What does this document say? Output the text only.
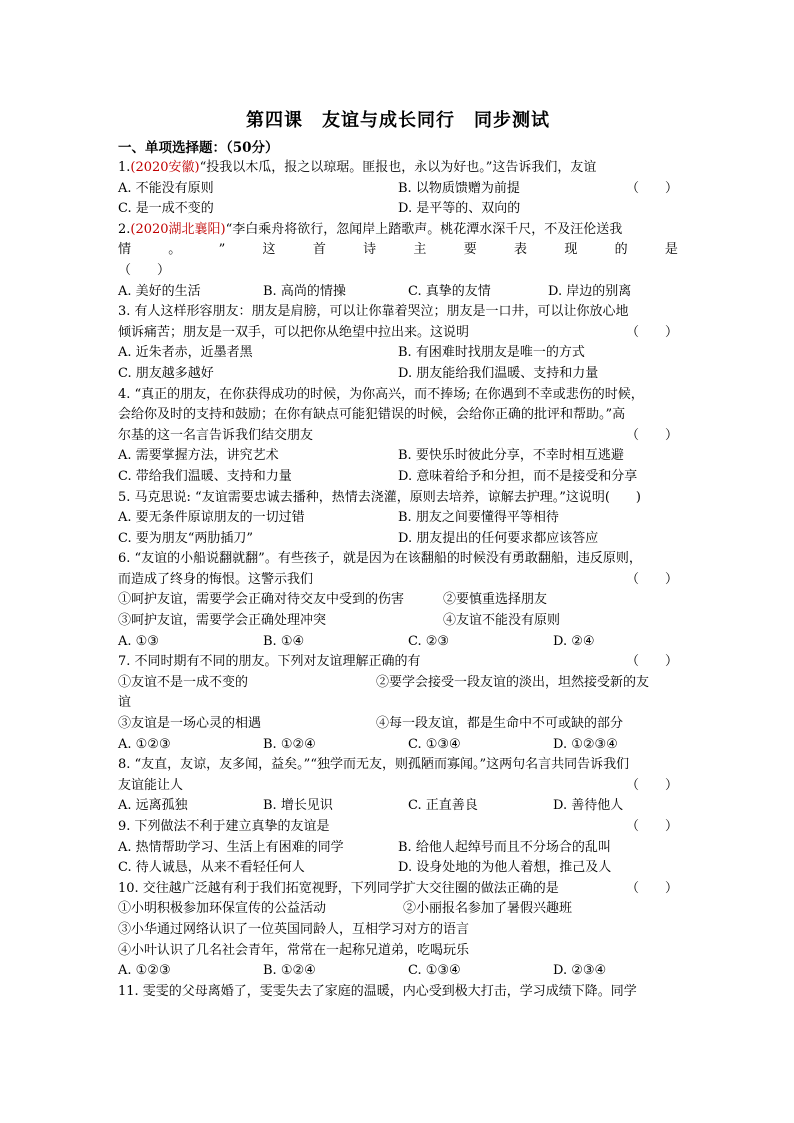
第四课　友谊与成长同行　同步测试
一、单项选择题：（50分）
1.(2020安徽)“投我以木瓜，报之以琼琚。匪报也，永以为好也。”这告诉我们，友谊
A. 不能没有原则	B. 以物质馈赠为前提	（　　）
C. 是一成不变的	D. 是平等的、双向的
2.(2020湖北襄阳)“李白乘舟将欲行，忽闻岸上踏歌声。桃花潭水深千尺，不及汪伦送我
情	。	”	这	首	诗	主	要	表	现	的	是
（　　）
A. 美好的生活	B. 高尚的情操	C. 真挚的友情	D. 岸边的别离
3. 有人这样形容朋友：朋友是肩膀，可以让你靠着哭泣；朋友是一口井，可以让你放心地
倾诉痛苦；朋友是一双手，可以把你从绝望中拉出来。这说明	（　　）
A. 近朱者赤，近墨者黑	B. 有困难时找朋友是唯一的方式
C. 朋友越多越好	D. 朋友能给我们温暖、支持和力量
4. “真正的朋友，在你获得成功的时候，为你高兴，而不捧场; 在你遇到不幸或悲伤的时候，
会给你及时的支持和鼓励；在你有缺点可能犯错误的时候，会给你正确的批评和帮助。”高
尔基的这一名言告诉我们结交朋友	（　　）
A. 需要掌握方法，讲究艺术	B. 要快乐时彼此分享，不幸时相互逃避
C. 带给我们温暖、支持和力量	D. 意味着给予和分担，而不是接受和分享
5. 马克思说: “友谊需要忠诚去播种，热情去浇灌，原则去培养，谅解去护理。”这说明(　　)
A. 要无条件原谅朋友的一切过错	B. 朋友之间要懂得平等相待
C. 要为朋友“两肋插刀”	D. 朋友提出的任何要求都应该答应
6. “友谊的小船说翻就翻”。有些孩子，就是因为在该翻船的时候没有勇敢翻船，违反原则，
而造成了终身的悔恨。这警示我们	（　　）
①呵护友谊，需要学会正确对待交友中受到的伤害	②要慎重选择朋友
③呵护友谊，需要学会正确处理冲突	④友谊不能没有原则
A. ①③	B. ①④	C. ②③	D. ②④
7. 不同时期有不同的朋友。下列对友谊理解正确的有	（　　）
①友谊不是一成不变的	②要学会接受一段友谊的淡出，坦然接受新的友
谊
③友谊是一场心灵的相遇	④每一段友谊，都是生命中不可或缺的部分
A. ①②③	B. ①②④	C. ①③④	D. ①②③④
8. “友直，友谅，友多闻，益矣。”“独学而无友，则孤陋而寡闻。”这两句名言共同告诉我们
友谊能让人	（　　）
A. 远离孤独	B. 增长见识	C. 正直善良	D. 善待他人
9. 下列做法不利于建立真挚的友谊是	（　　）
A. 热情帮助学习、生活上有困难的同学	B. 给他人起绰号而且不分场合的乱叫
C. 待人诚恳，从来不看轻任何人	D. 设身处地的为他人着想，推己及人
10. 交往越广泛越有利于我们拓宽视野，下列同学扩大交往圈的做法正确的是	（　　）
①小明积极参加环保宣传的公益活动	②小丽报名参加了暑假兴趣班
③小华通过网络认识了一位英国同龄人，互相学习对方的语言
④小叶认识了几名社会青年，常常在一起称兄道弟，吃喝玩乐
A. ①②③	B. ①②④	C. ①③④	D. ②③④
11. 雯雯的父母离婚了，雯雯失去了家庭的温暖，内心受到极大打击，学习成绩下降。同学
